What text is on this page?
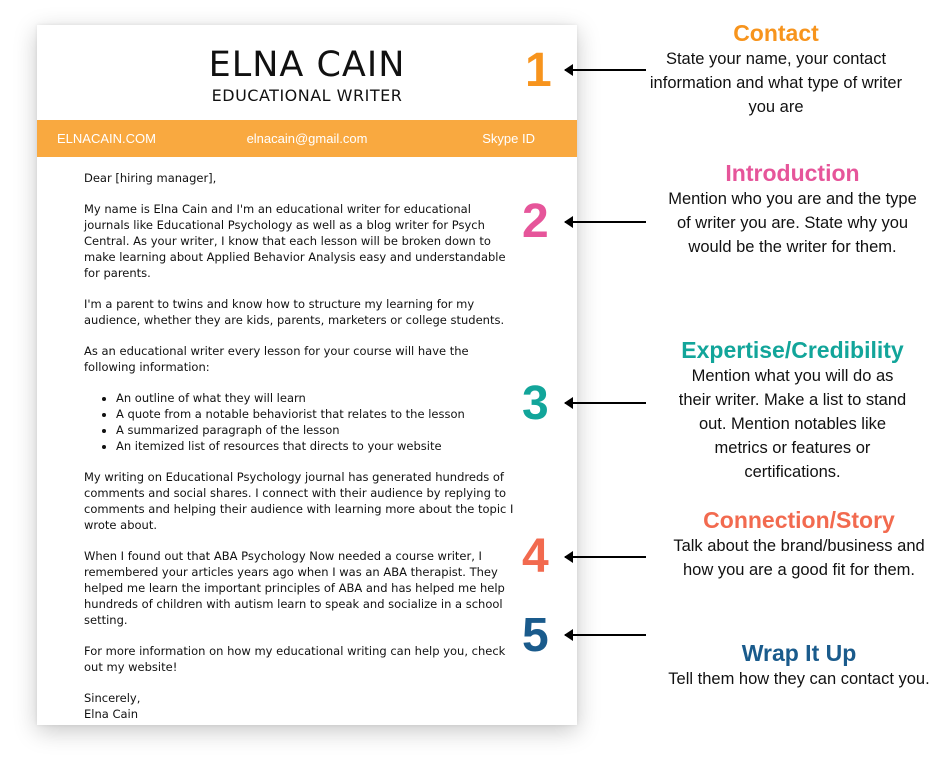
ELNA CAIN
EDUCATIONAL WRITER
ELNACAIN.COM	elnacain@gmail.com	Skype ID

Dear [hiring manager],

My name is Elna Cain and I'm an educational writer for educational journals like Educational Psychology as well as a blog writer for Psych Central. As your writer, I know that each lesson will be broken down to make learning about Applied Behavior Analysis easy and understandable for parents.

I'm a parent to twins and know how to structure my learning for my audience, whether they are kids, parents, marketers or college students.

As an educational writer every lesson for your course will have the following information:

• An outline of what they will learn
• A quote from a notable behaviorist that relates to the lesson
• A summarized paragraph of the lesson
• An itemized list of resources that directs to your website

My writing on Educational Psychology journal has generated hundreds of comments and social shares. I connect with their audience by replying to comments and helping their audience with learning more about the topic I wrote about.

When I found out that ABA Psychology Now needed a course writer, I remembered your articles years ago when I was an ABA therapist. They helped me learn the important principles of ABA and has helped me help hundreds of children with autism learn to speak and socialize in a school setting.

For more information on how my educational writing can help you, check out my website!

Sincerely,
Elna Cain
1
2
3
4
5
Contact
State your name, your contact information and what type of writer you are
Introduction
Mention who you are and the type of writer you are. State why you would be the writer for them.
Expertise/Credibility
Mention what you will do as their writer. Make a list to stand out. Mention notables like metrics or features or certifications.
Connection/Story
Talk about the brand/business and how you are a good fit for them.
Wrap It Up
Tell them how they can contact you.
